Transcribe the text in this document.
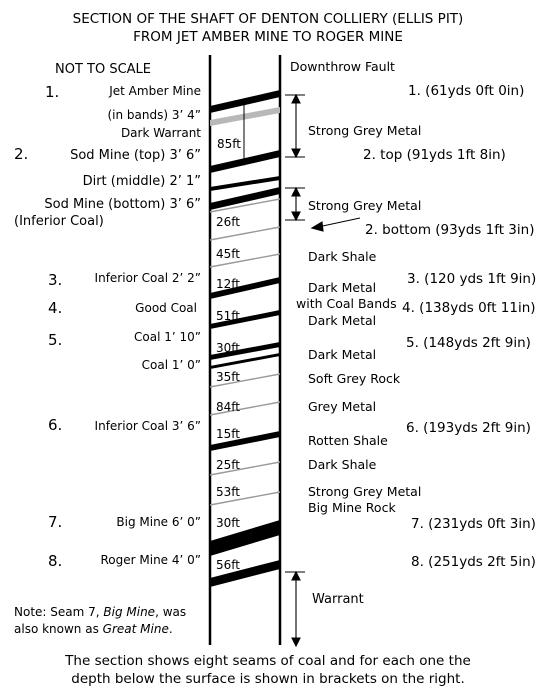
SECTION OF THE SHAFT OF DENTON COLLIERY (ELLIS PIT)
FROM JET AMBER MINE TO ROGER MINE
NOT TO SCALE	Downthrow Fault
1.
2.
3.
4.
5.
6.
7.
8.
Jet Amber Mine
(in bands) 3’ 4”
Dark Warrant
Sod Mine (top) 3’ 6”
Dirt (middle) 2’ 1”
Sod Mine (bottom) 3’ 6”
(Inferior Coal)
Inferior Coal 2’ 2”
Good Coal
Coal 1’ 10”
Coal 1’ 0”
Inferior Coal 3’ 6”
Big Mine 6’ 0”
Roger Mine 4’ 0”
85ft
26ft
45ft
12ft
51ft
30ft
35ft
84ft
15ft
25ft
53ft
30ft
56ft
Strong Grey Metal
Strong Grey Metal
Dark Shale
Dark Metal
with Coal Bands
Dark Metal
Dark Metal
Soft Grey Rock
Grey Metal
Rotten Shale
Dark Shale
Strong Grey Metal
Big Mine Rock
Warrant
1. (61yds 0ft 0in)
2. top (91yds 1ft 8in)
2. bottom (93yds 1ft 3in)
3. (120 yds 1ft 9in)
4. (138yds 0ft 11in)
5. (148yds 2ft 9in)
6. (193yds 2ft 9in)
7. (231yds 0ft 3in)
8. (251yds 2ft 5in)
Note: Seam 7, Big Mine, was
also known as Great Mine.
The section shows eight seams of coal and for each one the
depth below the surface is shown in brackets on the right.
